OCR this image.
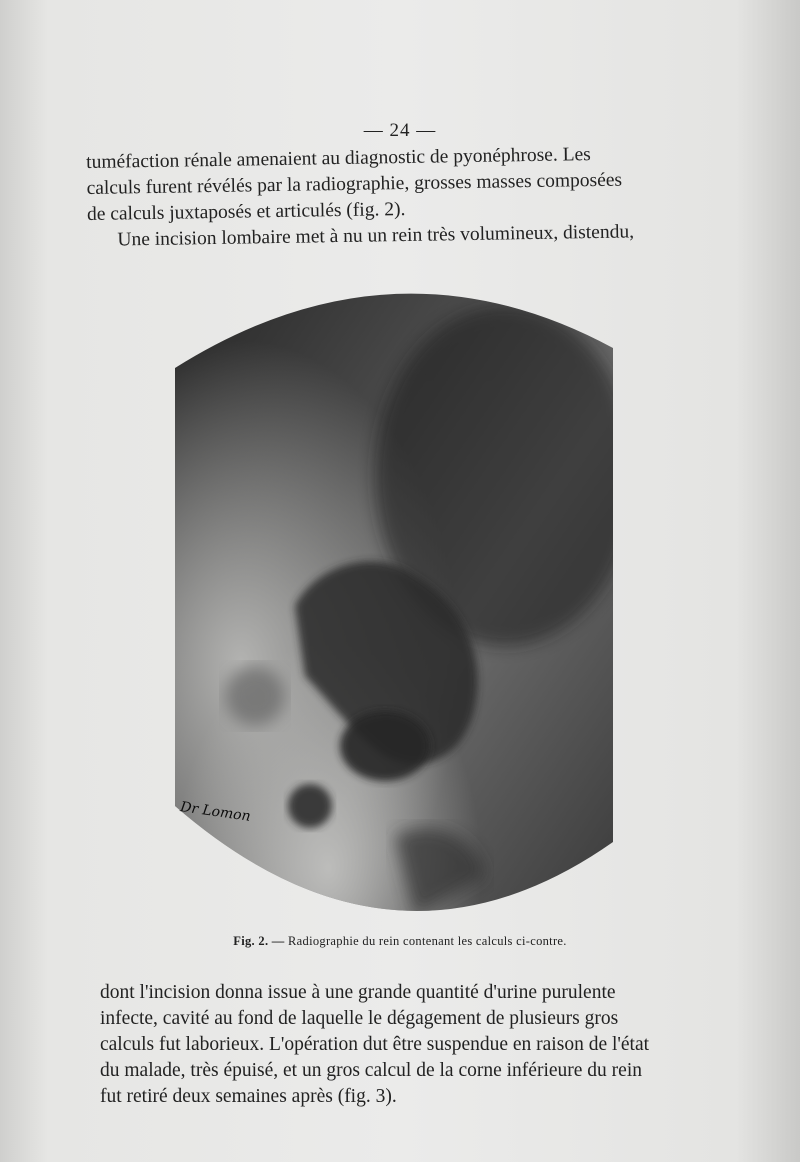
— 24 —

tuméfaction rénale amenaient au diagnostic de pyonéphrose. Les
calculs furent révélés par la radiographie, grosses masses composées
de calculs juxtaposés et articulés (fig. 2).
Une incision lombaire met à nu un rein très volumineux, distendu,

Dr Lomon
Fig. 2. — Radiographie du rein contenant les calculs ci-contre.

dont l'incision donna issue à une grande quantité d'urine purulente
infecte, cavité au fond de laquelle le dégagement de plusieurs gros
calculs fut laborieux. L'opération dut être suspendue en raison de l'état
du malade, très épuisé, et un gros calcul de la corne inférieure du rein
fut retiré deux semaines après (fig. 3).
